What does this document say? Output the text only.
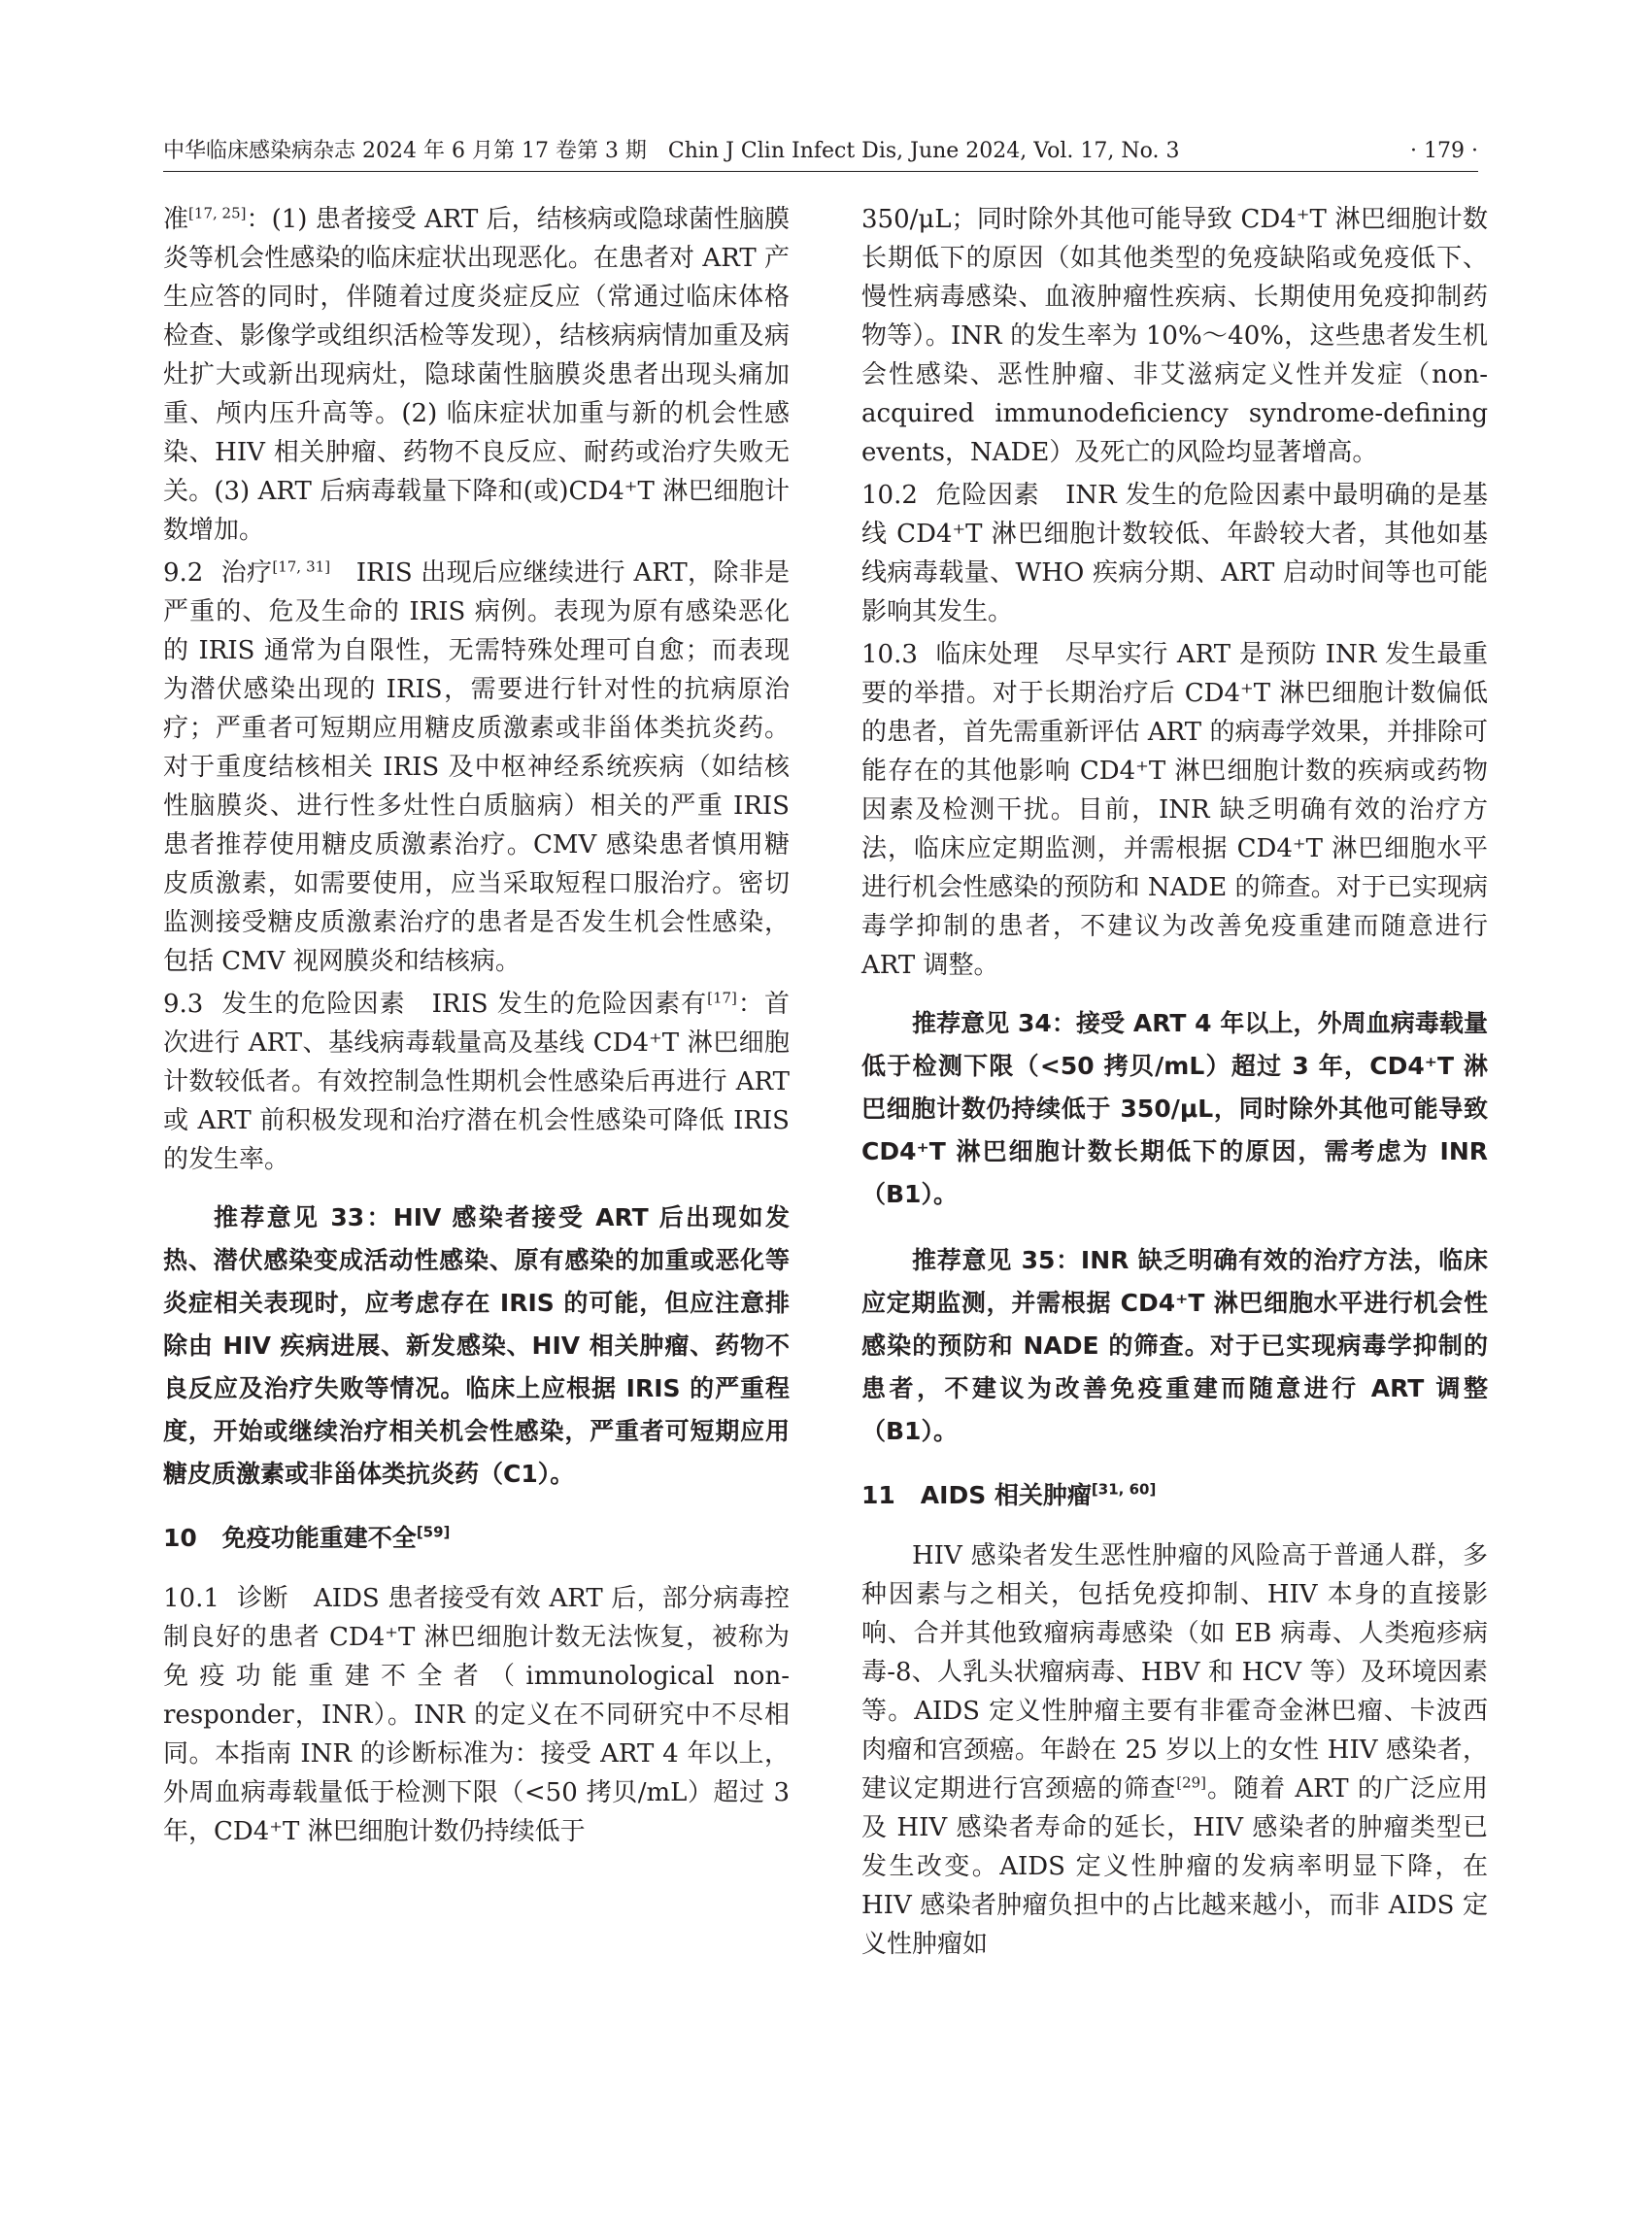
中华临床感染病杂志 2024 年 6 月第 17 卷第 3 期　Chin J Clin Infect Dis, June 2024, Vol. 17, No. 3	· 179 ·

准[17, 25]：(1) 患者接受 ART 后，结核病或隐球菌性脑膜炎等机会性感染的临床症状出现恶化。在患者对 ART 产生应答的同时，伴随着过度炎症反应（常通过临床体格检查、影像学或组织活检等发现），结核病病情加重及病灶扩大或新出现病灶，隐球菌性脑膜炎患者出现头痛加重、颅内压升高等。(2) 临床症状加重与新的机会性感染、HIV 相关肿瘤、药物不良反应、耐药或治疗失败无关。(3) ART 后病毒载量下降和(或)CD4⁺T 淋巴细胞计数增加。

9.2 治疗[17, 31]　IRIS 出现后应继续进行 ART，除非是严重的、危及生命的 IRIS 病例。表现为原有感染恶化的 IRIS 通常为自限性，无需特殊处理可自愈；而表现为潜伏感染出现的 IRIS，需要进行针对性的抗病原治疗；严重者可短期应用糖皮质激素或非甾体类抗炎药。对于重度结核相关 IRIS 及中枢神经系统疾病（如结核性脑膜炎、进行性多灶性白质脑病）相关的严重 IRIS 患者推荐使用糖皮质激素治疗。CMV 感染患者慎用糖皮质激素，如需要使用，应当采取短程口服治疗。密切监测接受糖皮质激素治疗的患者是否发生机会性感染，包括 CMV 视网膜炎和结核病。

9.3 发生的危险因素　IRIS 发生的危险因素有[17]：首次进行 ART、基线病毒载量高及基线 CD4⁺T 淋巴细胞计数较低者。有效控制急性期机会性感染后再进行 ART 或 ART 前积极发现和治疗潜在机会性感染可降低 IRIS 的发生率。

推荐意见 33：HIV 感染者接受 ART 后出现如发热、潜伏感染变成活动性感染、原有感染的加重或恶化等炎症相关表现时，应考虑存在 IRIS 的可能，但应注意排除由 HIV 疾病进展、新发感染、HIV 相关肿瘤、药物不良反应及治疗失败等情况。临床上应根据 IRIS 的严重程度，开始或继续治疗相关机会性感染，严重者可短期应用糖皮质激素或非甾体类抗炎药（C1）。

10 免疫功能重建不全[59]

10.1 诊断　AIDS 患者接受有效 ART 后，部分病毒控制良好的患者 CD4⁺T 淋巴细胞计数无法恢复，被称为免疫功能重建不全者（immunological non-responder，INR）。INR 的定义在不同研究中不尽相同。本指南 INR 的诊断标准为：接受 ART 4 年以上，外周血病毒载量低于检测下限（<50 拷贝/mL）超过 3 年，CD4⁺T 淋巴细胞计数仍持续低于

350/μL；同时除外其他可能导致 CD4⁺T 淋巴细胞计数长期低下的原因（如其他类型的免疫缺陷或免疫低下、慢性病毒感染、血液肿瘤性疾病、长期使用免疫抑制药物等）。INR 的发生率为 10%～40%，这些患者发生机会性感染、恶性肿瘤、非艾滋病定义性并发症（non-acquired immunodeficiency syndrome-defining events，NADE）及死亡的风险均显著增高。

10.2 危险因素　INR 发生的危险因素中最明确的是基线 CD4⁺T 淋巴细胞计数较低、年龄较大者，其他如基线病毒载量、WHO 疾病分期、ART 启动时间等也可能影响其发生。

10.3 临床处理　尽早实行 ART 是预防 INR 发生最重要的举措。对于长期治疗后 CD4⁺T 淋巴细胞计数偏低的患者，首先需重新评估 ART 的病毒学效果，并排除可能存在的其他影响 CD4⁺T 淋巴细胞计数的疾病或药物因素及检测干扰。目前，INR 缺乏明确有效的治疗方法，临床应定期监测，并需根据 CD4⁺T 淋巴细胞水平进行机会性感染的预防和 NADE 的筛查。对于已实现病毒学抑制的患者，不建议为改善免疫重建而随意进行 ART 调整。

推荐意见 34：接受 ART 4 年以上，外周血病毒载量低于检测下限（<50 拷贝/mL）超过 3 年，CD4⁺T 淋巴细胞计数仍持续低于 350/μL，同时除外其他可能导致 CD4⁺T 淋巴细胞计数长期低下的原因，需考虑为 INR（B1）。

推荐意见 35：INR 缺乏明确有效的治疗方法，临床应定期监测，并需根据 CD4⁺T 淋巴细胞水平进行机会性感染的预防和 NADE 的筛查。对于已实现病毒学抑制的患者，不建议为改善免疫重建而随意进行 ART 调整（B1）。

11 AIDS 相关肿瘤[31, 60]

HIV 感染者发生恶性肿瘤的风险高于普通人群，多种因素与之相关，包括免疫抑制、HIV 本身的直接影响、合并其他致瘤病毒感染（如 EB 病毒、人类疱疹病毒-8、人乳头状瘤病毒、HBV 和 HCV 等）及环境因素等。AIDS 定义性肿瘤主要有非霍奇金淋巴瘤、卡波西肉瘤和宫颈癌。年龄在 25 岁以上的女性 HIV 感染者，建议定期进行宫颈癌的筛查[29]。随着 ART 的广泛应用及 HIV 感染者寿命的延长，HIV 感染者的肿瘤类型已发生改变。AIDS 定义性肿瘤的发病率明显下降，在 HIV 感染者肿瘤负担中的占比越来越小，而非 AIDS 定义性肿瘤如
